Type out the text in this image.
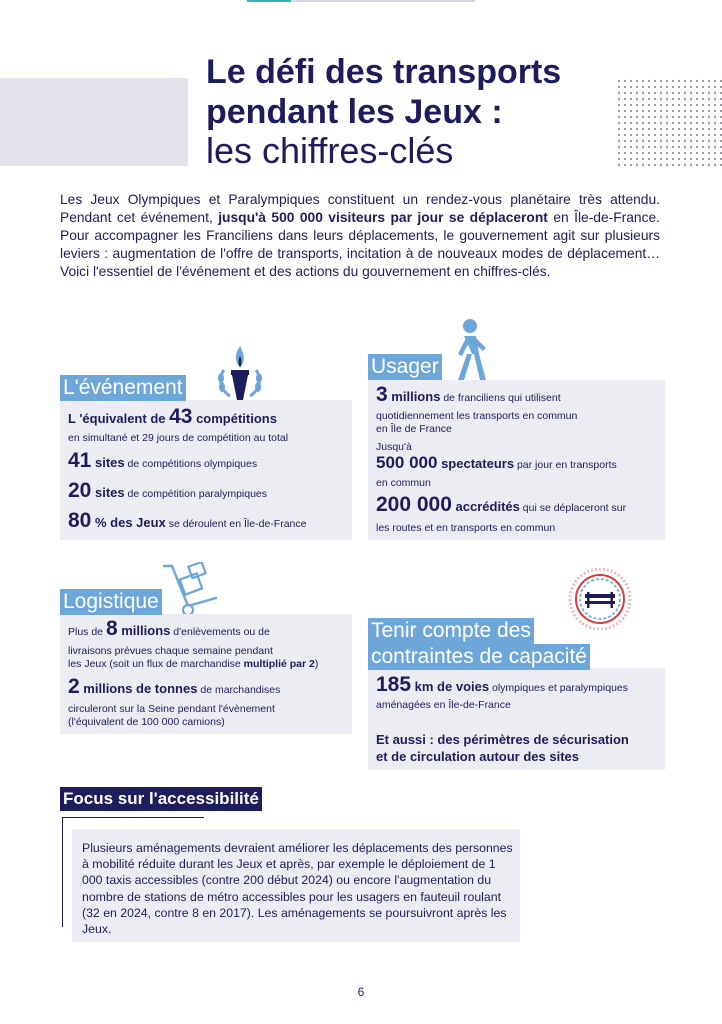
Le défi des transports
pendant les Jeux :
les chiffres-clés

Les Jeux Olympiques et Paralympiques constituent un rendez-vous planétaire très attendu. Pendant cet événement, jusqu'à 500 000 visiteurs par jour se déplaceront en Île-de-France. Pour accompagner les Franciliens dans leurs déplacements, le gouvernement agit sur plusieurs leviers : augmentation de l'offre de transports, incitation à de nouveaux modes de déplacement… Voici l'essentiel de l'événement et des actions du gouvernement en chiffres-clés.

L'événement
L 'équivalent de 43 compétitions
en simultané et 29 jours de compétition au total
41 sites de compétitions olympiques
20 sites de compétition paralympiques
80 % des Jeux se déroulent en Île-de-France
Usager
3 millions de franciliens qui utilisent
quotidiennement les transports en commun
en Île de France
Jusqu'à
500 000 spectateurs par jour en transports
en commun
200 000 accrédités qui se déplaceront sur
les routes et en transports en commun
Logistique
Plus de 8 millions d'enlèvements ou de
livraisons prévues chaque semaine pendant
les Jeux (soit un flux de marchandise multiplié par 2)
2 millions de tonnes de marchandises
circuleront sur la Seine pendant l'évènement
(l'équivalent de 100 000 camions)
Tenir compte des
contraintes de capacité
185 km de voies olympiques et paralympiques
aménagées en Île-de-France
Et aussi : des périmètres de sécurisation
et de circulation autour des sites
Focus sur l'accessibilité

Plusieurs aménagements devraient améliorer les déplacements des personnes à mobilité réduite durant les Jeux et après, par exemple le déploiement de 1 000 taxis accessibles (contre 200 début 2024) ou encore l'augmentation du nombre de stations de métro accessibles pour les usagers en fauteuil roulant (32 en 2024, contre 8 en 2017). Les aménagements se poursuivront après les Jeux.

6
